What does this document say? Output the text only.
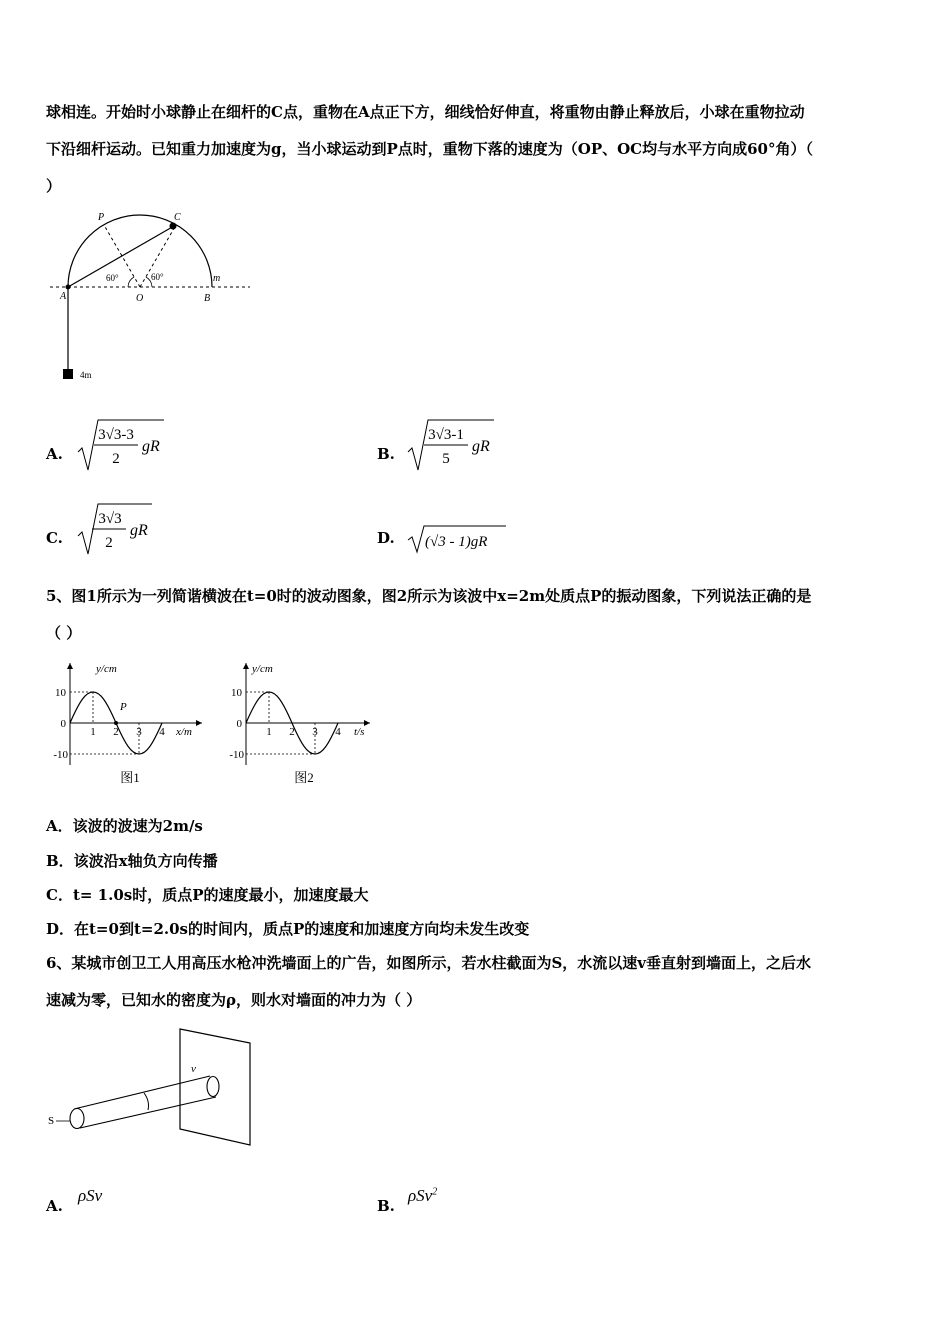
球相连。开始时小球静止在细杆的C点，重物在A点正下方，细线恰好伸直，将重物由静止释放后，小球在重物拉动
下沿细杆运动。已知重力加速度为g，当小球运动到P点时，重物下落的速度为（OP、OC均与水平方向成60°角）（
）
P	C
A	O	B
m
60°	60°
4m
A.
3√3-3
2
gR	B.
3√3-1
5
gR
C.
3√3
2
gR	D. (√3 - 1)gR
5、图1所示为一列简谐横波在t=0时的波动图象，图2所示为该波中x=2m处质点P的振动图象，下列说法正确的是
（ ）
P
y/cm
x/m
10
0
-10
1 2 3 4
图1
y/cm
t/s
10
0
-10
1 2 3 4
图2
A．该波的波速为2m/s
B．该波沿x轴负方向传播
C．t= 1.0s时，质点P的速度最小，加速度最大
D．在t=0到t=2.0s的时间内，质点P的速度和加速度方向均未发生改变
6、某城市创卫工人用高压水枪冲洗墙面上的广告，如图所示，若水柱截面为S，水流以速v垂直射到墙面上，之后水
速减为零，已知水的密度为ρ，则水对墙面的冲力为（ ）
S
v
A.
ρSv
B.
ρSv$^2$
